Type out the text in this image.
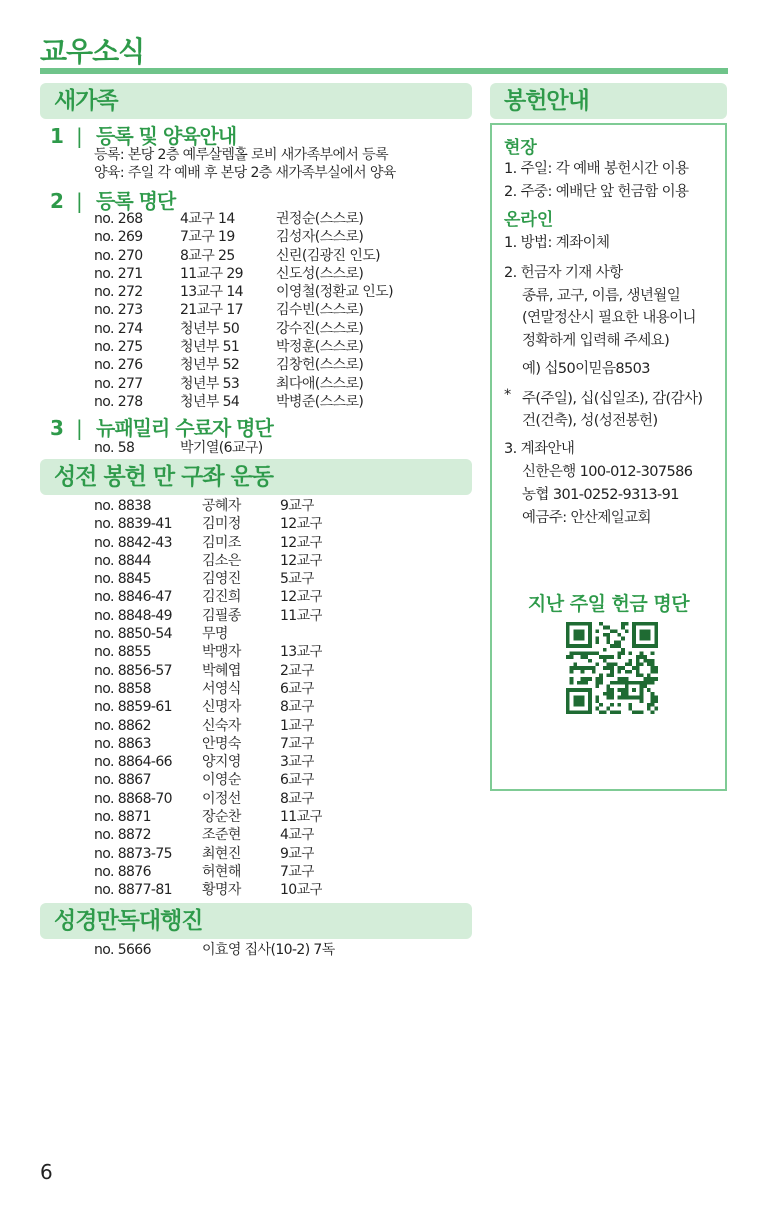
교우소식
새가족
1 | 등록 및 양육안내
등록: 본당 2층 예루살렘홀 로비 새가족부에서 등록
양육: 주일 각 예배 후 본당 2층 새가족부실에서 양육
2 | 등록 명단
no. 268	4교구 14	권정순(스스로)
no. 269	7교구 19	김성자(스스로)
no. 270	8교구 25	신린(김광진 인도)
no. 271	11교구 29	신도성(스스로)
no. 272	13교구 14	이영철(정환교 인도)
no. 273	21교구 17	김수빈(스스로)
no. 274	청년부 50	강수진(스스로)
no. 275	청년부 51	박정훈(스스로)
no. 276	청년부 52	김창헌(스스로)
no. 277	청년부 53	최다애(스스로)
no. 278	청년부 54	박병준(스스로)
3 | 뉴패밀리 수료자 명단
no. 58	박기열(6교구)
성전 봉헌 만 구좌 운동
no. 8838	공혜자	9교구
no. 8839-41	김미정	12교구
no. 8842-43	김미조	12교구
no. 8844	김소은	12교구
no. 8845	김영진	5교구
no. 8846-47	김진희	12교구
no. 8848-49	김필종	11교구
no. 8850-54	무명
no. 8855	박맹자	13교구
no. 8856-57	박혜엽	2교구
no. 8858	서영식	6교구
no. 8859-61	신명자	8교구
no. 8862	신숙자	1교구
no. 8863	안명숙	7교구
no. 8864-66	양지영	3교구
no. 8867	이영순	6교구
no. 8868-70	이정선	8교구
no. 8871	장순찬	11교구
no. 8872	조준현	4교구
no. 8873-75	최현진	9교구
no. 8876	허현해	7교구
no. 8877-81	황명자	10교구
성경만독대행진
no. 5666	이효영 집사(10-2) 7독
봉헌안내
현장
1. 주일: 각 예배 봉헌시간 이용
2. 주중: 예배단 앞 헌금함 이용
온라인
1. 방법: 계좌이체
2. 헌금자 기재 사항
종류, 교구, 이름, 생년월일
(연말정산시 필요한 내용이니
정확하게 입력해 주세요)
예) 십50이믿음8503
* 주(주일), 십(십일조), 감(감사)
건(건축), 성(성전봉헌)
3. 계좌안내
신한은행 100-012-307586
농협 301-0252-9313-91
예금주: 안산제일교회
지난 주일 헌금 명단
6
